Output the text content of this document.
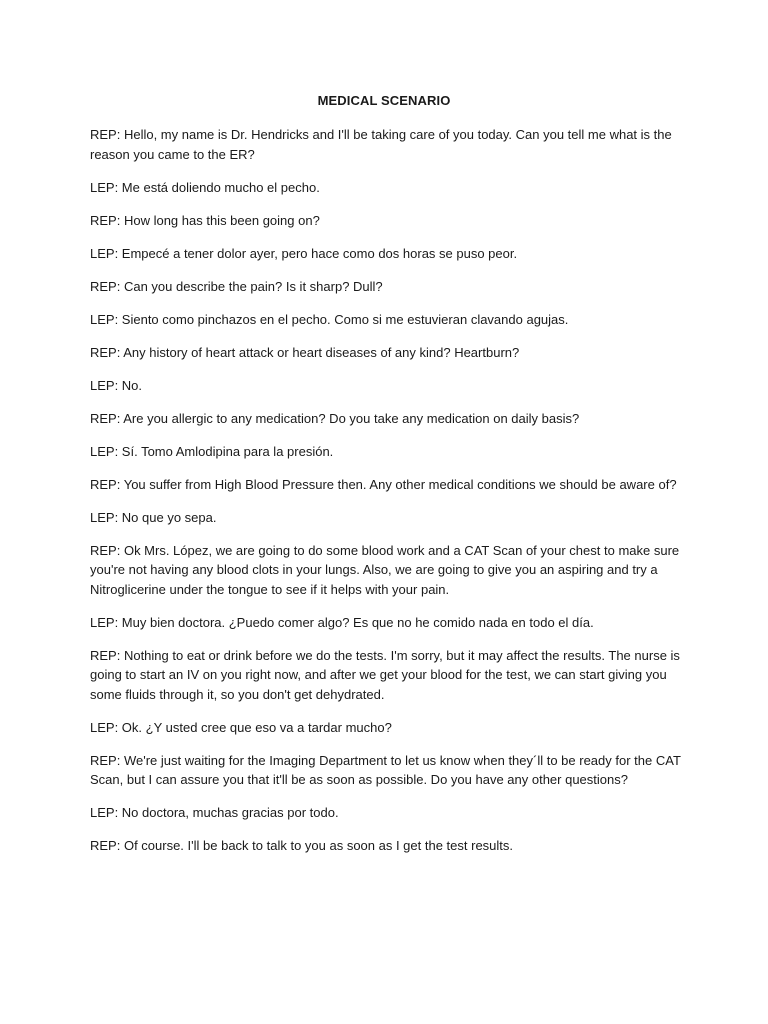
MEDICAL SCENARIO

REP: Hello, my name is Dr. Hendricks and I'll be taking care of you today. Can you tell me what is the reason you came to the ER?

LEP: Me está doliendo mucho el pecho.

REP: How long has this been going on?

LEP: Empecé a tener dolor ayer, pero hace como dos horas se puso peor.

REP: Can you describe the pain? Is it sharp? Dull?

LEP: Siento como pinchazos en el pecho. Como si me estuvieran clavando agujas.

REP: Any history of heart attack or heart diseases of any kind? Heartburn?

LEP: No.

REP: Are you allergic to any medication? Do you take any medication on daily basis?

LEP: Sí. Tomo Amlodipina para la presión.

REP: You suffer from High Blood Pressure then. Any other medical conditions we should be aware of?

LEP: No que yo sepa.

REP: Ok Mrs. López, we are going to do some blood work and a CAT Scan of your chest to make sure you're not having any blood clots in your lungs. Also, we are going to give you an aspiring and try a Nitroglicerine under the tongue to see if it helps with your pain.

LEP: Muy bien doctora. ¿Puedo comer algo? Es que no he comido nada en todo el día.

REP: Nothing to eat or drink before we do the tests. I'm sorry, but it may affect the results. The nurse is going to start an IV on you right now, and after we get your blood for the test, we can start giving you some fluids through it, so you don't get dehydrated.

LEP: Ok. ¿Y usted cree que eso va a tardar mucho?

REP: We're just waiting for the Imaging Department to let us know when they´ll to be ready for the CAT Scan, but I can assure you that it'll be as soon as possible. Do you have any other questions?

LEP: No doctora, muchas gracias por todo.

REP: Of course. I'll be back to talk to you as soon as I get the test results.
